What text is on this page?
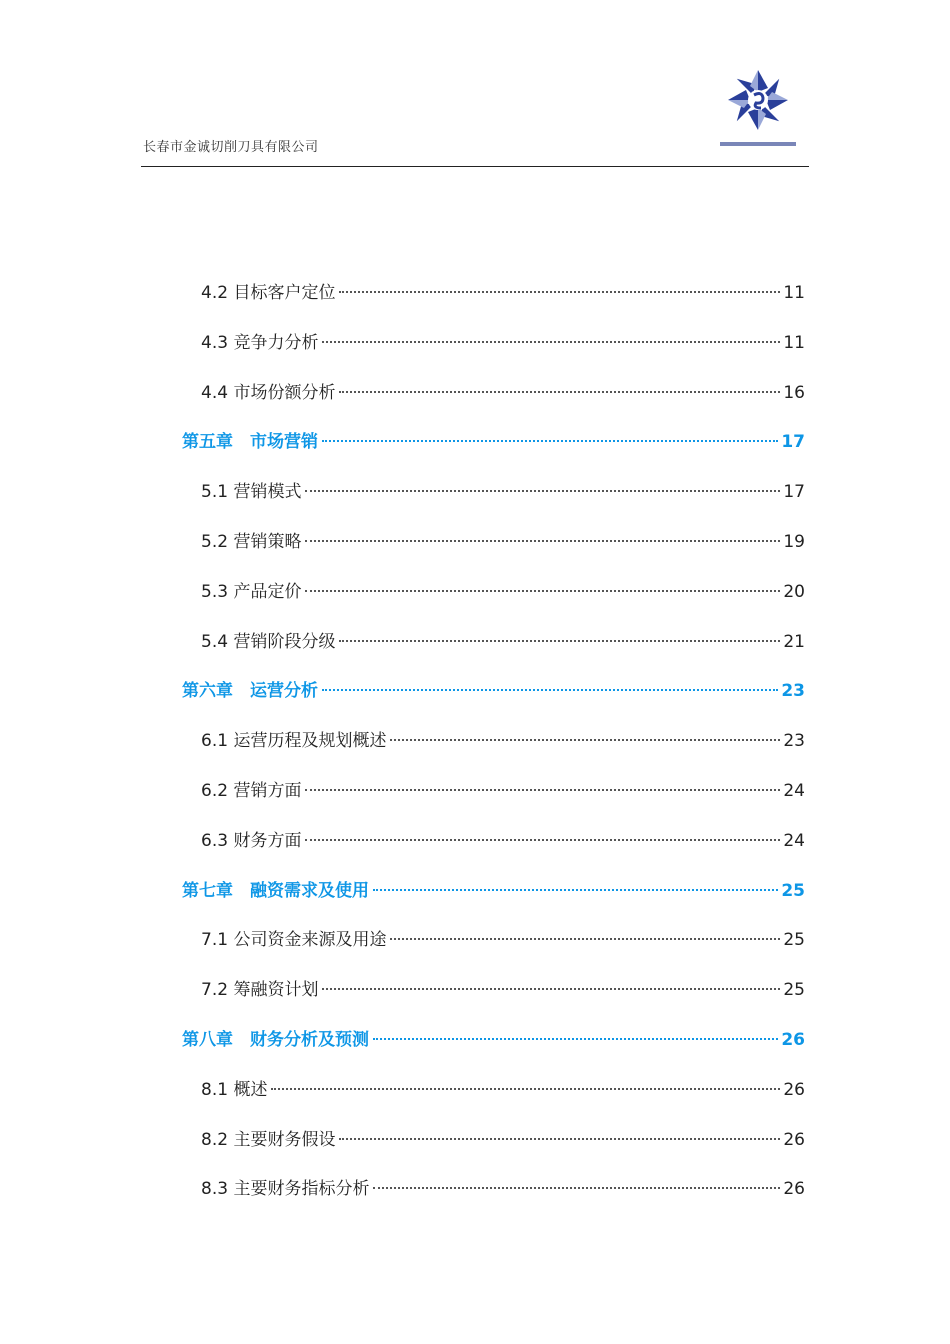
长春市金诚切削刀具有限公司
4.2 目标客户定位	11
4.3 竞争力分析	11
4.4 市场份额分析	16
第五章　市场营销	17
5.1 营销模式	17
5.2 营销策略	19
5.3 产品定价	20
5.4 营销阶段分级	21
第六章　运营分析	23
6.1 运营历程及规划概述	23
6.2 营销方面	24
6.3 财务方面	24
第七章　融资需求及使用	25
7.1 公司资金来源及用途	25
7.2 筹融资计划	25
第八章　财务分析及预测	26
8.1 概述	26
8.2 主要财务假设	26
8.3 主要财务指标分析	26
